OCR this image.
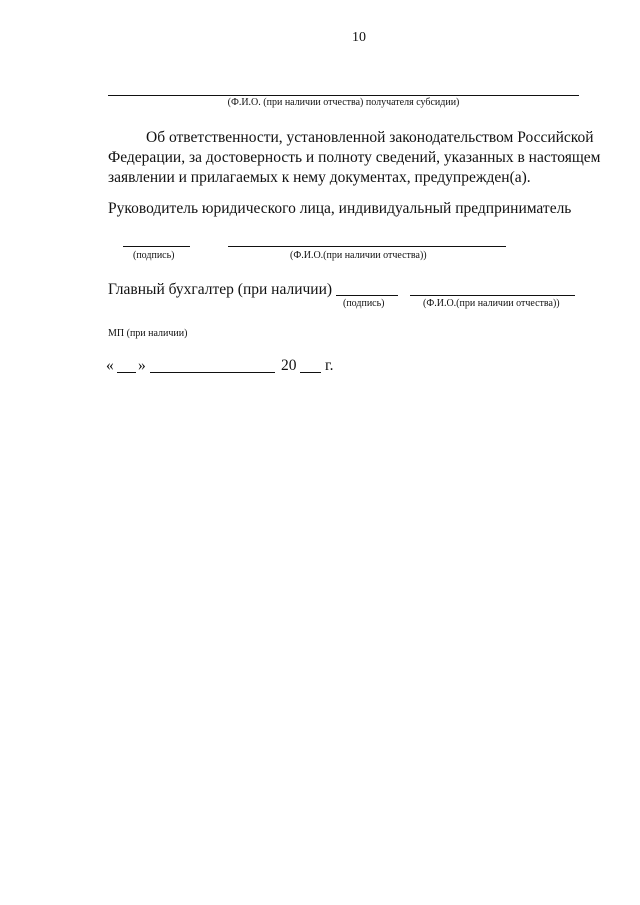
10
(Ф.И.О. (при наличии отчества) получателя субсидии)
Об ответственности, установленной законодательством Российской
Федерации, за достоверность и полноту сведений, указанных в настоящем
заявлении и прилагаемых к нему документах, предупрежден(а).
Руководитель юридического лица, индивидуальный предприниматель
(подпись)	(Ф.И.О.(при наличии отчества))
Главный бухгалтер (при наличии)
(подпись)	(Ф.И.О.(при наличии отчества))
МП (при наличии)
« »	20 г.
